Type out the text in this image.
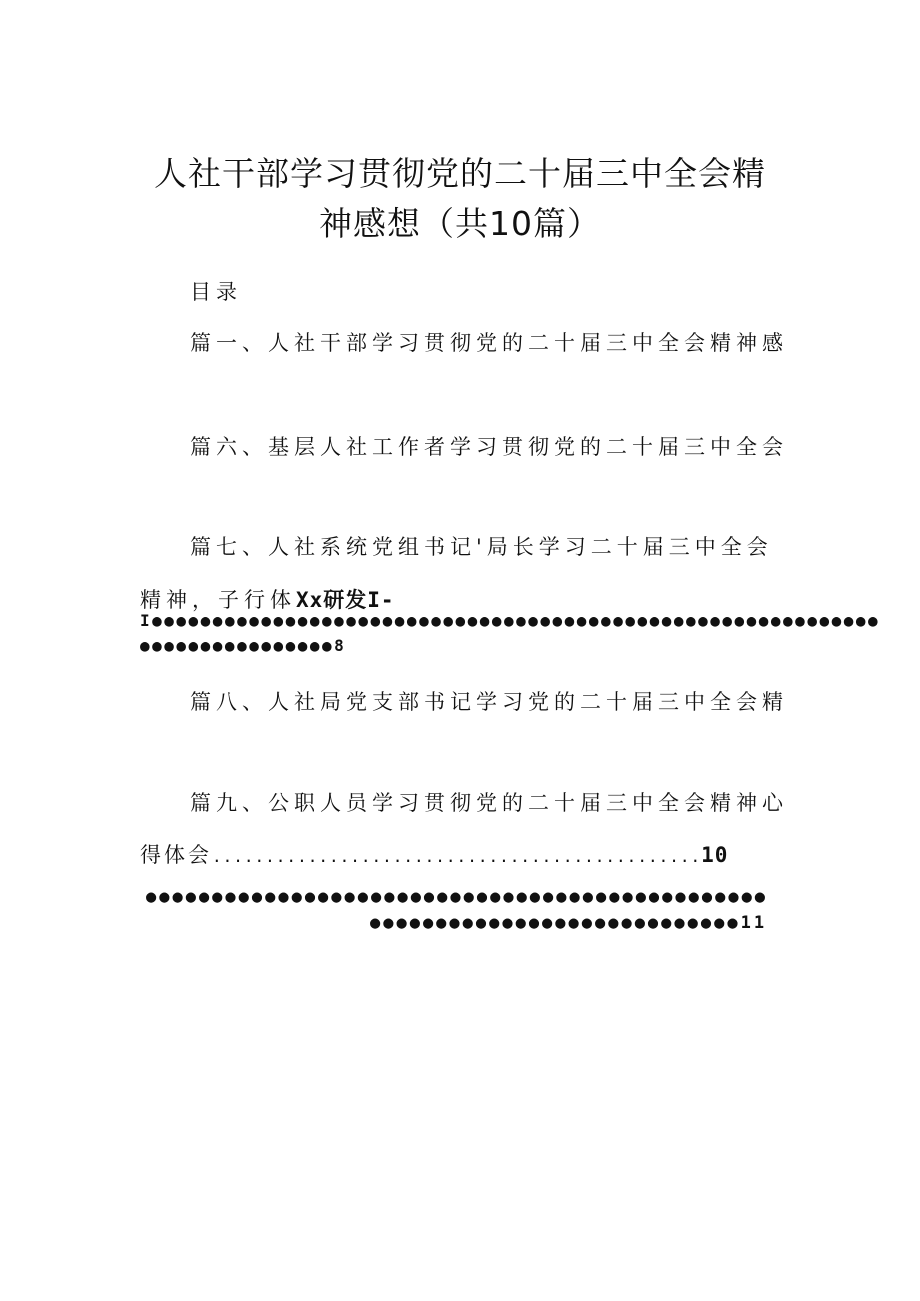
人社干部学习贯彻党的二十届三中全会精
神感想（共10篇）
目录
篇一、人社干部学习贯彻党的二十届三中全会精神感
篇六、基层人社工作者学习贯彻党的二十届三中全会
篇七、人社系统党组书记'局长学习二十届三中全会
精神，子行体Xx研发I-
I●●●●●●●●●●●●●●●●●●●●●●●●●●●●●●●●●●●●●●●●●●●●●●●●●●●●●●●●●●●●
●●●●●●●●●●●●●●●●8
篇八、人社局党支部书记学习党的二十届三中全会精
篇九、公职人员学习贯彻党的二十届三中全会精神心
得体会..............................................10
●●●●●●●●●●●●●●●●●●●●●●●●●●●●●●●●●●●●●●●●●●●●●●●
●●●●●●●●●●●●●●●●●●●●●●●●●●●●11
